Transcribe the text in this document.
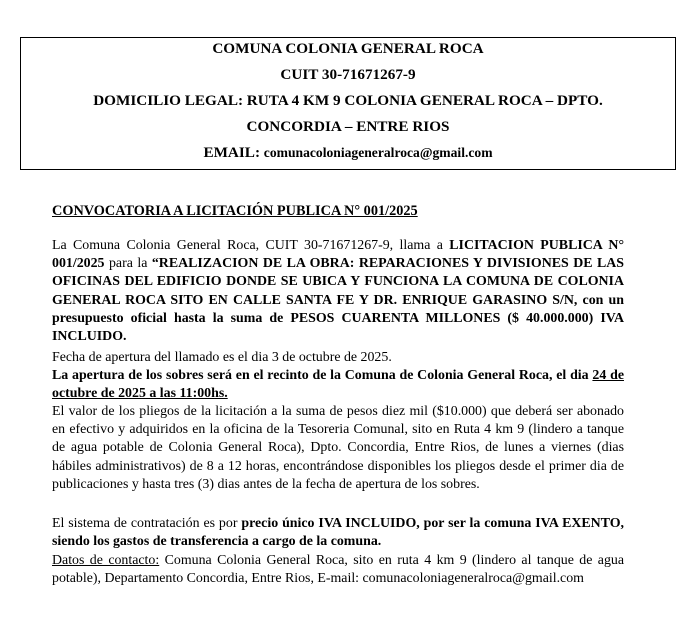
COMUNA COLONIA GENERAL ROCA
CUIT 30-71671267-9
DOMICILIO LEGAL: RUTA 4 KM 9 COLONIA GENERAL ROCA – DPTO.
CONCORDIA – ENTRE RIOS
EMAIL: comunacoloniageneralroca@gmail.com
CONVOCATORIA A LICITACIÓN PUBLICA N° 001/2025
La Comuna Colonia General Roca, CUIT 30-71671267-9, llama a LICITACION PUBLICA N° 001/2025 para la “REALIZACION DE LA OBRA: REPARACIONES Y DIVISIONES DE LAS OFICINAS DEL EDIFICIO DONDE SE UBICA Y FUNCIONA LA COMUNA DE COLONIA GENERAL ROCA SITO EN CALLE SANTA FE Y DR. ENRIQUE GARASINO S/N, con un presupuesto oficial hasta la suma de PESOS CUARENTA MILLONES ($ 40.000.000) IVA INCLUIDO.
Fecha de apertura del llamado es el dia 3 de octubre de 2025.
La apertura de los sobres será en el recinto de la Comuna de Colonia General Roca, el dia 24 de octubre de 2025 a las 11:00hs.
El valor de los pliegos de la licitación a la suma de pesos diez mil ($10.000) que deberá ser abonado en efectivo y adquiridos en la oficina de la Tesoreria Comunal, sito en Ruta 4 km 9 (lindero a tanque de agua potable de Colonia General Roca), Dpto. Concordia, Entre Rios, de lunes a viernes (dias hábiles administrativos) de 8 a 12 horas, encontrándose disponibles los pliegos desde el primer dia de publicaciones y hasta tres (3) dias antes de la fecha de apertura de los sobres.
El sistema de contratación es por precio único IVA INCLUIDO, por ser la comuna IVA EXENTO, siendo los gastos de transferencia a cargo de la comuna.
Datos de contacto: Comuna Colonia General Roca, sito en ruta 4 km 9 (lindero al tanque de agua potable), Departamento Concordia, Entre Rios, E-mail: comunacoloniageneralroca@gmail.com
